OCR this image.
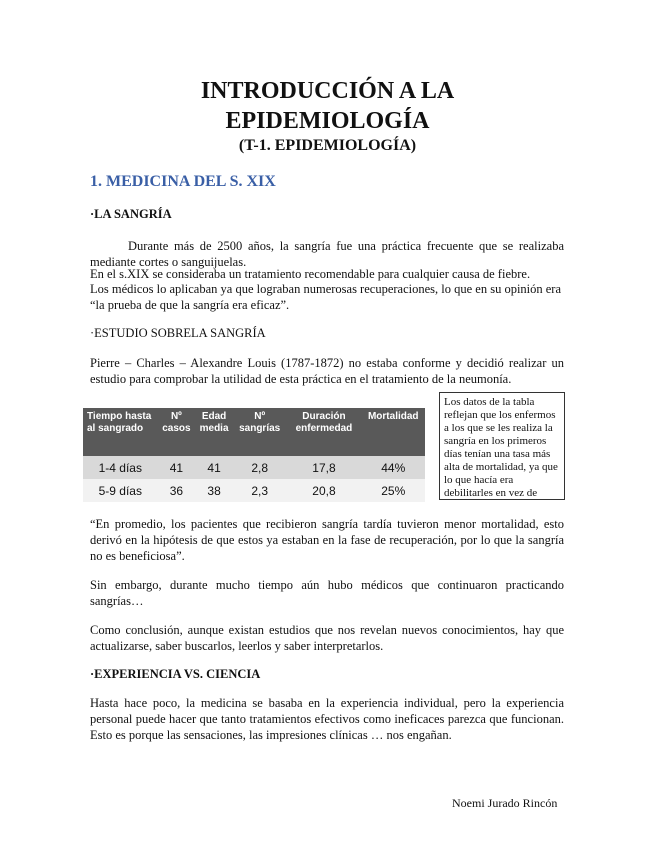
INTRODUCCIÓN A LA
EPIDEMIOLOGÍA
(T-1. EPIDEMIOLOGÍA)
1. MEDICINA DEL S. XIX
·LA SANGRÍA
Durante más de 2500 años, la sangría fue una práctica frecuente que se realizaba mediante cortes o sanguijuelas.
En el s.XIX se consideraba un tratamiento recomendable para cualquier causa de fiebre.
Los médicos lo aplicaban ya que lograban numerosas recuperaciones, lo que en su opinión era “la prueba de que la sangría era eficaz”.
·ESTUDIO SOBRELA SANGRÍA
Pierre – Charles – Alexandre Louis (1787-1872) no estaba conforme y decidió realizar un estudio para comprobar la utilidad de esta práctica en el tratamiento de la neumonía.
Tiempo hasta al sangrado	Nº casos	Edad media	Nº sangrías	Duración enfermedad	Mortalidad
1-4 días	41	41	2,8	17,8	44%
5-9 días	36	38	2,3	20,8	25%
Los datos de la tabla reflejan que los enfermos a los que se les realiza la sangría en los primeros días tenían una tasa más alta de mortalidad, ya que lo que hacía era debilitarles en vez de
“En promedio, los pacientes que recibieron sangría tardía tuvieron menor mortalidad, esto derivó en la hipótesis de que estos ya estaban en la fase de recuperación, por lo que la sangría no es beneficiosa”.
Sin embargo, durante mucho tiempo aún hubo médicos que continuaron practicando sangrías…
Como conclusión, aunque existan estudios que nos revelan nuevos conocimientos, hay que actualizarse, saber buscarlos, leerlos y saber interpretarlos.
·EXPERIENCIA VS. CIENCIA
Hasta hace poco, la medicina se basaba en la experiencia individual, pero la experiencia personal puede hacer que tanto tratamientos efectivos como ineficaces parezca que funcionan. Esto es porque las sensaciones, las impresiones clínicas … nos engañan.
Noemi Jurado Rincón
